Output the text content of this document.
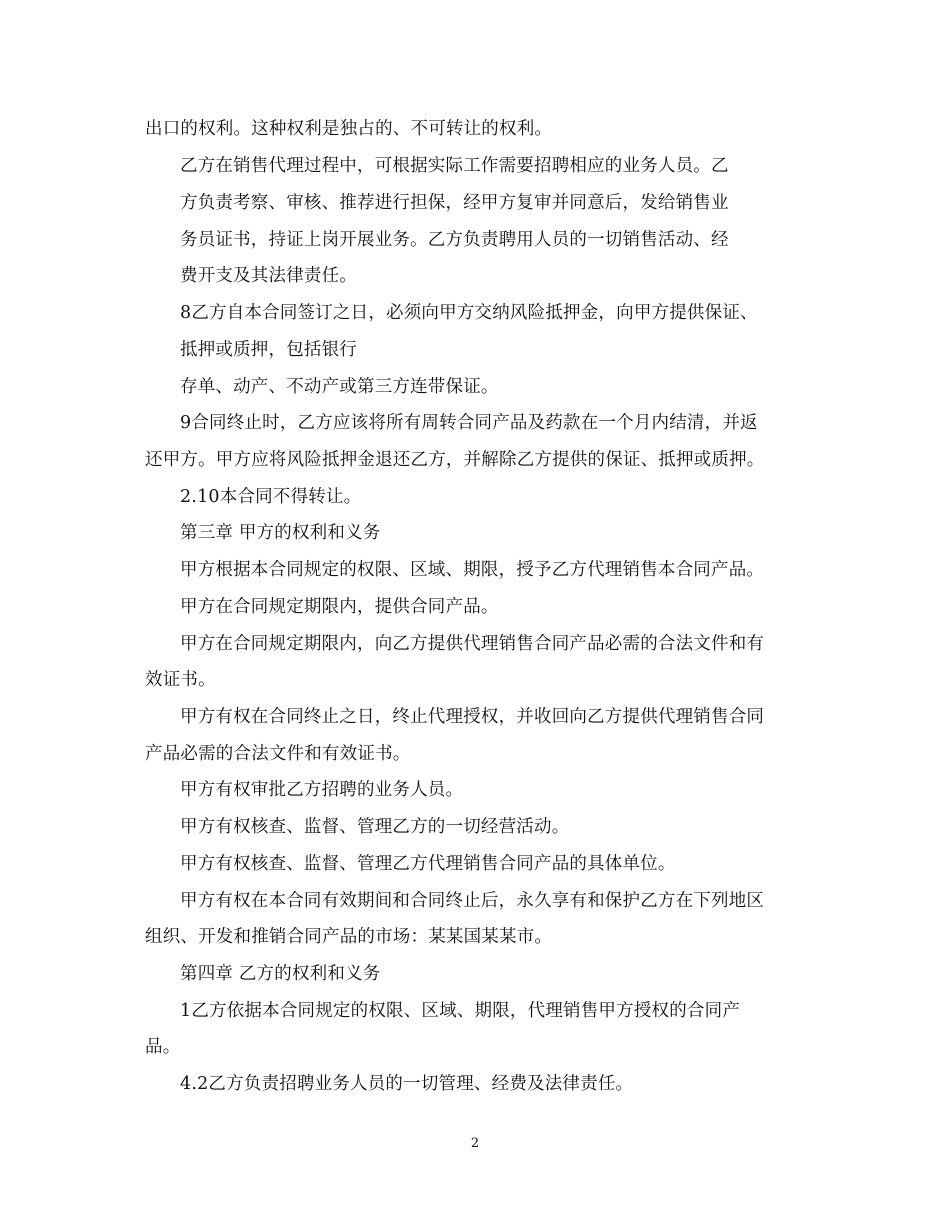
出口的权利。这种权利是独占的、不可转让的权利。
乙方在销售代理过程中，可根据实际工作需要招聘相应的业务人员。乙
方负责考察、审核、推荐进行担保，经甲方复审并同意后，发给销售业
务员证书，持证上岗开展业务。乙方负责聘用人员的一切销售活动、经
费开支及其法律责任。
8乙方自本合同签订之日，必须向甲方交纳风险抵押金，向甲方提供保证、
抵押或质押，包括银行
存单、动产、不动产或第三方连带保证。
9合同终止时，乙方应该将所有周转合同产品及药款在一个月内结清，并返
还甲方。甲方应将风险抵押金退还乙方，并解除乙方提供的保证、抵押或质押。
2.10本合同不得转让。
第三章 甲方的权利和义务
甲方根据本合同规定的权限、区域、期限，授予乙方代理销售本合同产品。
甲方在合同规定期限内，提供合同产品。
甲方在合同规定期限内，向乙方提供代理销售合同产品必需的合法文件和有
效证书。
甲方有权在合同终止之日，终止代理授权，并收回向乙方提供代理销售合同
产品必需的合法文件和有效证书。
甲方有权审批乙方招聘的业务人员。
甲方有权核查、监督、管理乙方的一切经营活动。
甲方有权核查、监督、管理乙方代理销售合同产品的具体单位。
甲方有权在本合同有效期间和合同终止后，永久享有和保护乙方在下列地区
组织、开发和推销合同产品的市场：某某国某某市。
第四章 乙方的权利和义务
1乙方依据本合同规定的权限、区域、期限，代理销售甲方授权的合同产
品。
4.2乙方负责招聘业务人员的一切管理、经费及法律责任。
2
